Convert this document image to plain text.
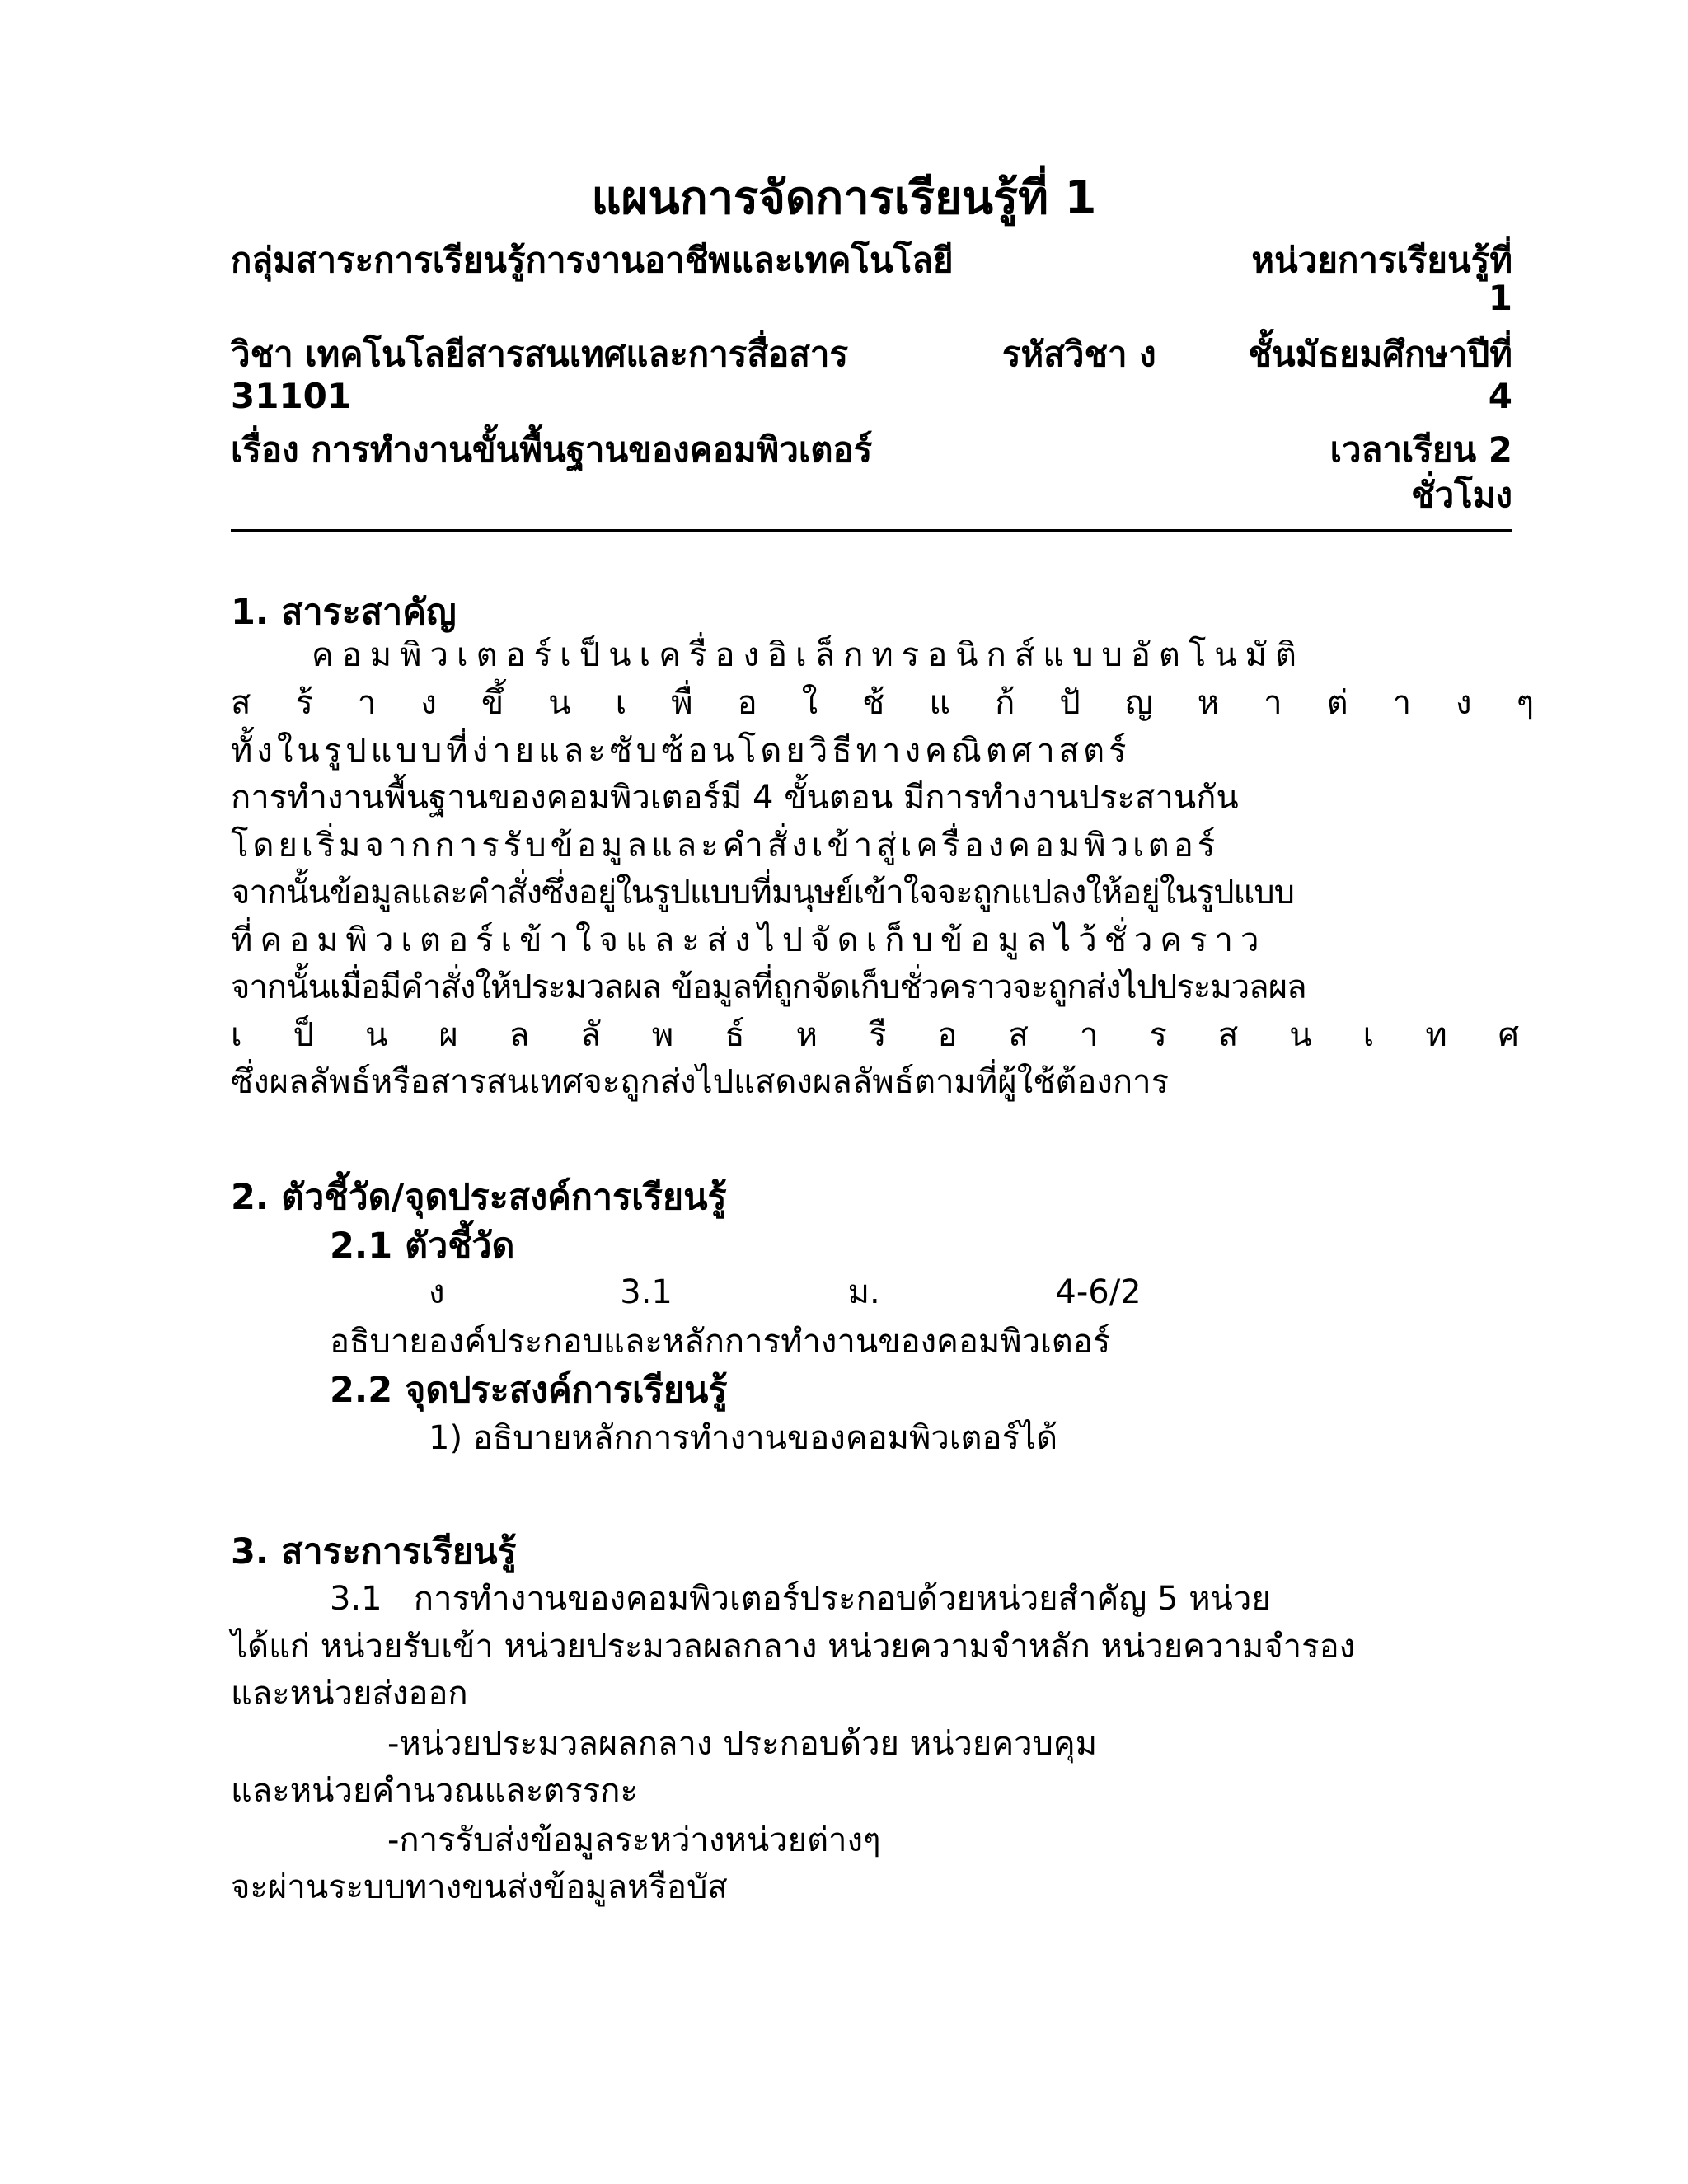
แผนการจัดการเรียนรู้ที่ 1
กลุ่มสาระการเรียนรู้การงานอาชีพและเทคโนโลยี	หน่วยการเรียนรู้ที่
1
วิชา เทคโนโลยีสารสนเทศและการสื่อสาร	รหัสวิชา ง	ชั้นมัธยมศึกษาปีที่
31101	4
เรื่อง การทำงานขั้นพื้นฐานของคอมพิวเตอร์	เวลาเรียน 2
ชั่วโมง
1. สาระสาคัญ
คอมพิวเตอร์เป็นเครื่องอิเล็กทรอนิกส์แบบอัตโนมัติ
สร้างขึ้นเพื่อใช้แก้ปัญหาต่างๆ
ทั้งในรูปแบบที่ง่ายและซับซ้อนโดยวิธีทางคณิตศาสตร์
การทำงานพื้นฐานของคอมพิวเตอร์มี 4 ขั้นตอน มีการทำงานประสานกัน
โดยเริ่มจากการรับข้อมูลและคำสั่งเข้าสู่เครื่องคอมพิวเตอร์
จากนั้นข้อมูลและคำสั่งซึ่งอยู่ในรูปแบบที่มนุษย์เข้าใจจะถูกแปลงให้อยู่ในรูปแบบ
ที่คอมพิวเตอร์เข้าใจและส่งไปจัดเก็บข้อมูลไว้ชั่วคราว
จากนั้นเมื่อมีคำสั่งให้ประมวลผล ข้อมูลที่ถูกจัดเก็บชั่วคราวจะถูกส่งไปประมวลผล
เป็นผลลัพธ์หรือสารสนเทศ
ซึ่งผลลัพธ์หรือสารสนเทศจะถูกส่งไปแสดงผลลัพธ์ตามที่ผู้ใช้ต้องการ
2. ตัวชี้วัด/จุดประสงค์การเรียนรู้
2.1 ตัวชี้วัด
ง 3.1 ม. 4-6/2
อธิบายองค์ประกอบและหลักการทำงานของคอมพิวเตอร์
2.2 จุดประสงค์การเรียนรู้
1) อธิบายหลักการทำงานของคอมพิวเตอร์ได้
3. สาระการเรียนรู้
3.1   การทำงานของคอมพิวเตอร์ประกอบด้วยหน่วยสำคัญ 5 หน่วย
ได้แก่ หน่วยรับเข้า หน่วยประมวลผลกลาง หน่วยความจำหลัก หน่วยความจำรอง
และหน่วยส่งออก
-หน่วยประมวลผลกลาง ประกอบด้วย หน่วยควบคุม
และหน่วยคำนวณและตรรกะ
-การรับส่งข้อมูลระหว่างหน่วยต่างๆ
จะผ่านระบบทางขนส่งข้อมูลหรือบัส
